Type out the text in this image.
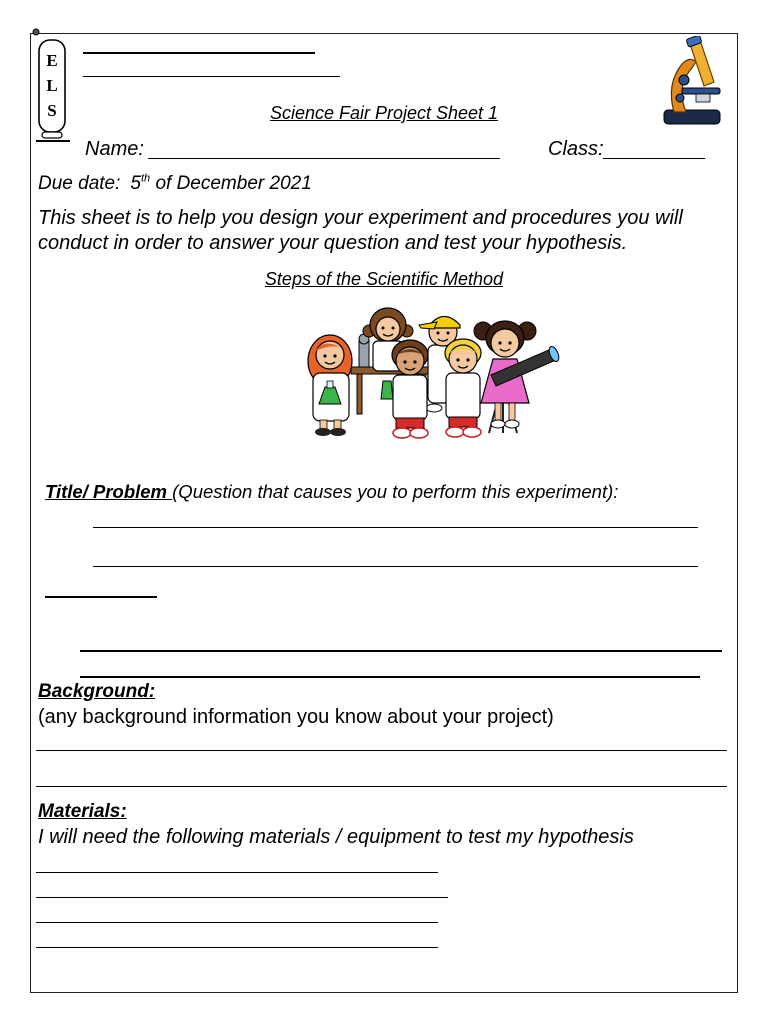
E
L
S	Science Fair Project Sheet 1
Name:	Class:
Due date: 5th of December 2021
This sheet is to help you design your experiment and procedures you will
conduct in order to answer your question and test your hypothesis.
Steps of the Scientific Method
Title/ Problem (Question that causes you to perform this experiment):
Background:
(any background information you know about your project)
Materials:
I will need the following materials / equipment to test my hypothesis
